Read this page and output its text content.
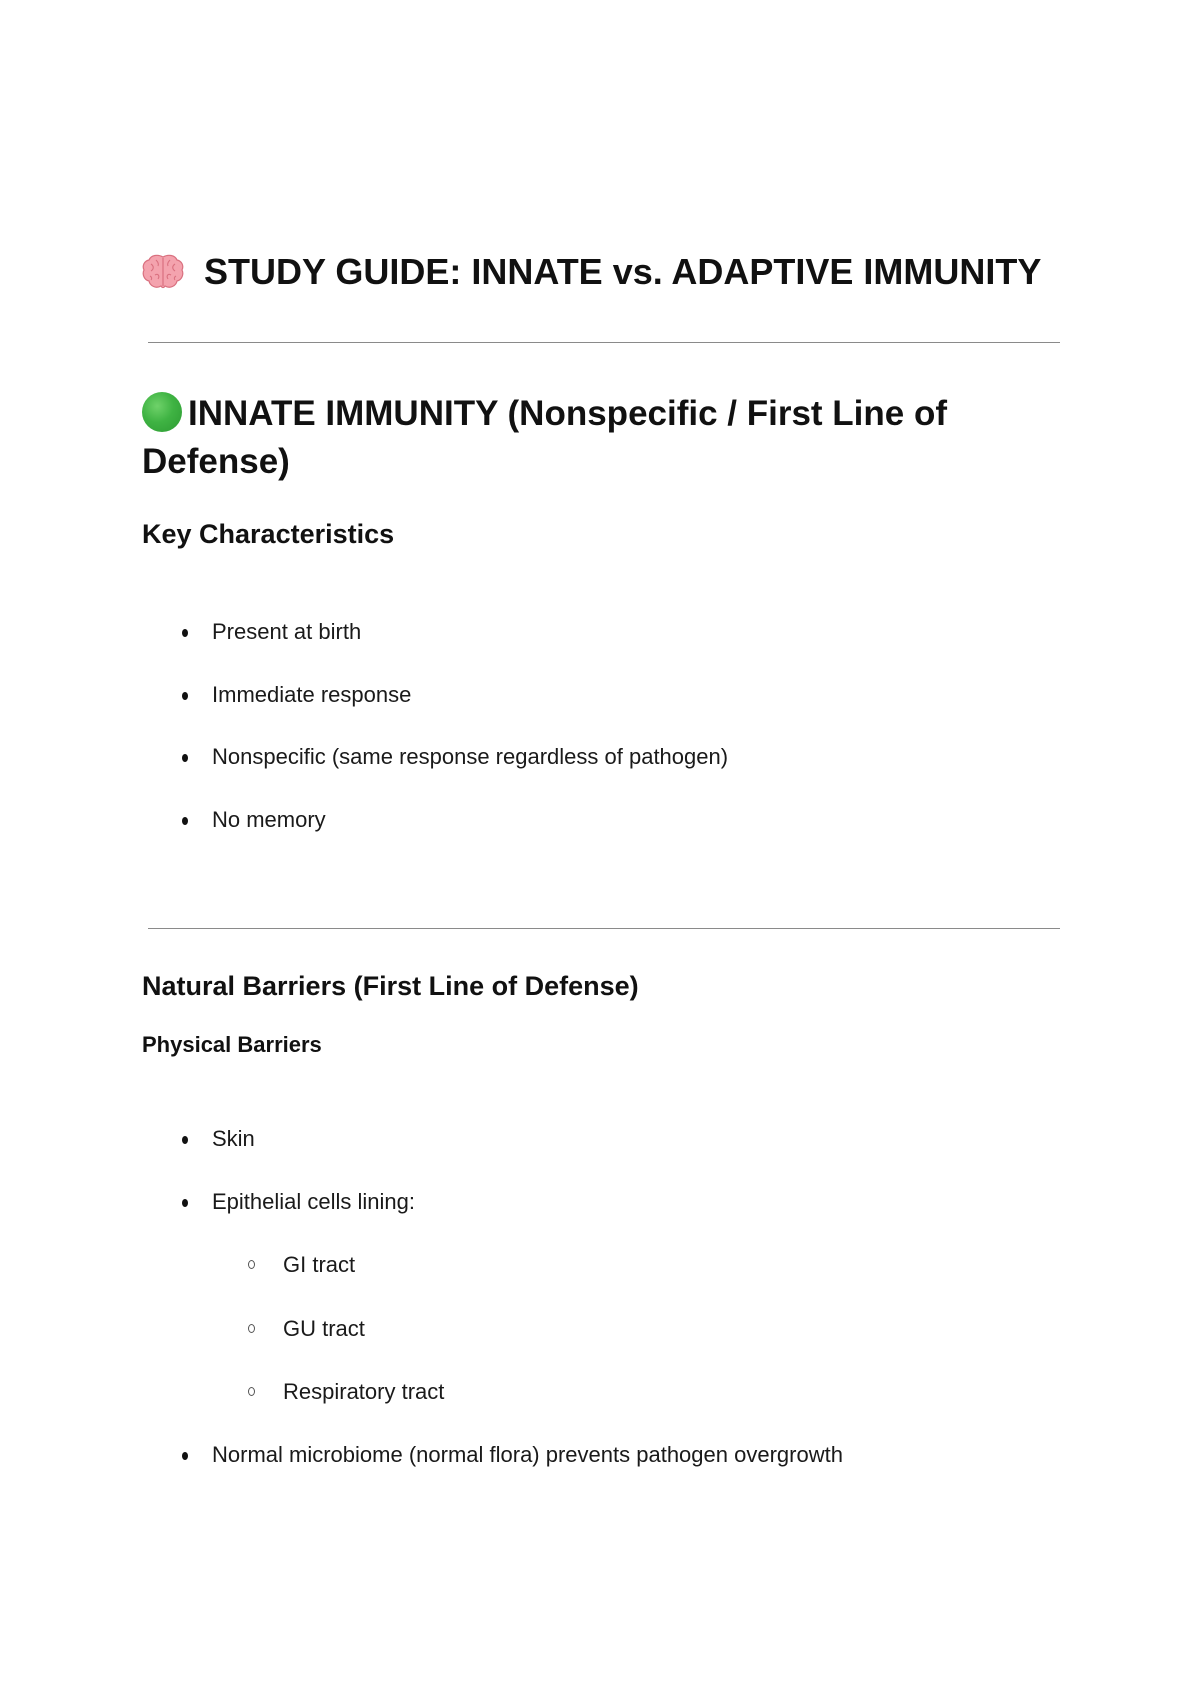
STUDY GUIDE: INNATE vs. ADAPTIVE IMMUNITY
INNATE IMMUNITY (Nonspecific / First Line of Defense)
Key Characteristics
Present at birth
Immediate response
Nonspecific (same response regardless of pathogen)
No memory
Natural Barriers (First Line of Defense)
Physical Barriers
Skin
Epithelial cells lining:
GI tract
GU tract
Respiratory tract
Normal microbiome (normal flora) prevents pathogen overgrowth
